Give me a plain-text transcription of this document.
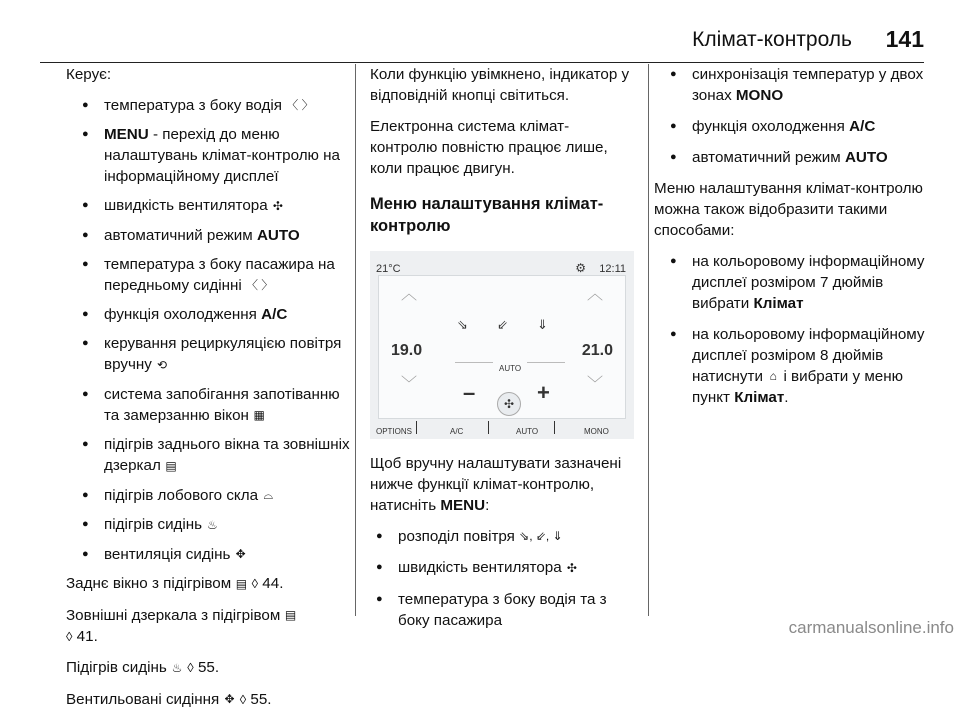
Клімат-контроль 141

Керує:

● температура з боку водія 〈 〉
● MENU - перехід до меню налаштувань клімат-контролю на інформаційному дисплеї
● швидкість вентилятора ✣
● автоматичний режим AUTO
● температура з боку пасажира на передньому сидінні 〈 〉
● функція охолодження A/C
● керування рециркуляцією повітря вручну ⟲
● система запобігання запотіванню та замерзанню вікон ▦
● підігрів заднього вікна та зовнішніх дзеркал ▤
● підігрів лобового скла ⌓
● підігрів сидінь ♨
● вентиляція сидінь ✥

Заднє вікно з підігрівом ▤ ◊ 44.

Зовнішні дзеркала з підігрівом ▤
◊ 41.

Підігрів сидінь ♨ ◊ 55.

Вентильовані сидіння ✥ ◊ 55.

Коли функцію увімкнено, індикатор у відповідній кнопці світиться.

Електронна система клімат-контролю повністю працює лише, коли працює двигун.

Меню налаштування клімат-контролю
21°C	⚙ 12:11
︿
﹀
︿
﹀
19.0	21.0
⇘ ⇙ ⇓
AUTO
–	✣	+
OPTIONS	A/C	AUTO	MONO

Щоб вручну налаштувати зазначені нижче функції клімат-контролю, натисніть MENU:

● розподіл повітря ⇘, ⇙, ⇓
● швидкість вентилятора ✣
● температура з боку водія та з боку пасажира
● синхронізація температур у двох зонах MONO
● функція охолодження A/C
● автоматичний режим AUTO

Меню налаштування клімат-контролю можна також відобразити такими способами:

● на кольоровому інформаційному дисплеї розміром 7 дюймів вибрати Клімат
● на кольоровому інформаційному дисплеї розміром 8 дюймів натиснути ⌂ і вибрати у меню пункт Клімат.
carmanualsonline.info
